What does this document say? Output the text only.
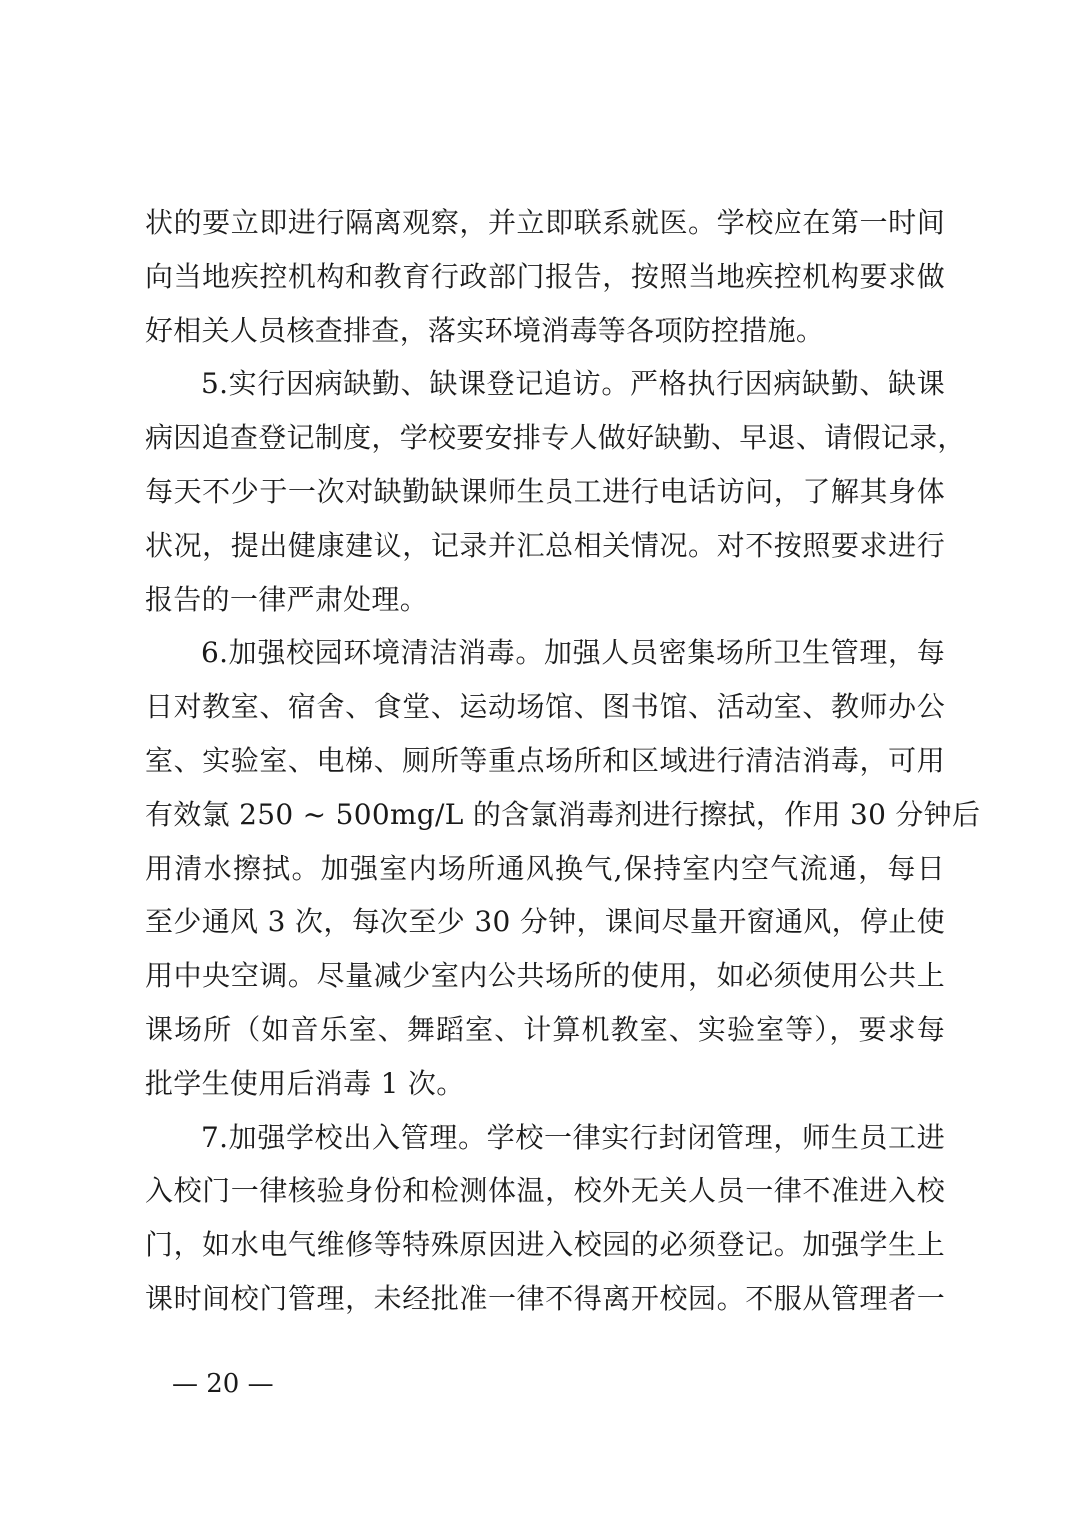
状的要立即进行隔离观察，并立即联系就医。学校应在第一时间
向当地疾控机构和教育行政部门报告，按照当地疾控机构要求做
好相关人员核查排查，落实环境消毒等各项防控措施。
5.实行因病缺勤、缺课登记追访。严格执行因病缺勤、缺课
病因追查登记制度，学校要安排专人做好缺勤、早退、请假记录，
每天不少于一次对缺勤缺课师生员工进行电话访问，了解其身体
状况，提出健康建议，记录并汇总相关情况。对不按照要求进行
报告的一律严肃处理。
6.加强校园环境清洁消毒。加强人员密集场所卫生管理，每
日对教室、宿舍、食堂、运动场馆、图书馆、活动室、教师办公
室、实验室、电梯、厕所等重点场所和区域进行清洁消毒，可用
有效氯 250 ~ 500mg/L 的含氯消毒剂进行擦拭，作用 30 分钟后
用清水擦拭。加强室内场所通风换气,保持室内空气流通，每日
至少通风 3 次，每次至少 30 分钟，课间尽量开窗通风，停止使
用中央空调。尽量减少室内公共场所的使用，如必须使用公共上
课场所（如音乐室、舞蹈室、计算机教室、实验室等），要求每
批学生使用后消毒 1 次。
7.加强学校出入管理。学校一律实行封闭管理，师生员工进
入校门一律核验身份和检测体温，校外无关人员一律不准进入校
门，如水电气维修等特殊原因进入校园的必须登记。加强学生上
课时间校门管理，未经批准一律不得离开校园。不服从管理者一
— 20 —
